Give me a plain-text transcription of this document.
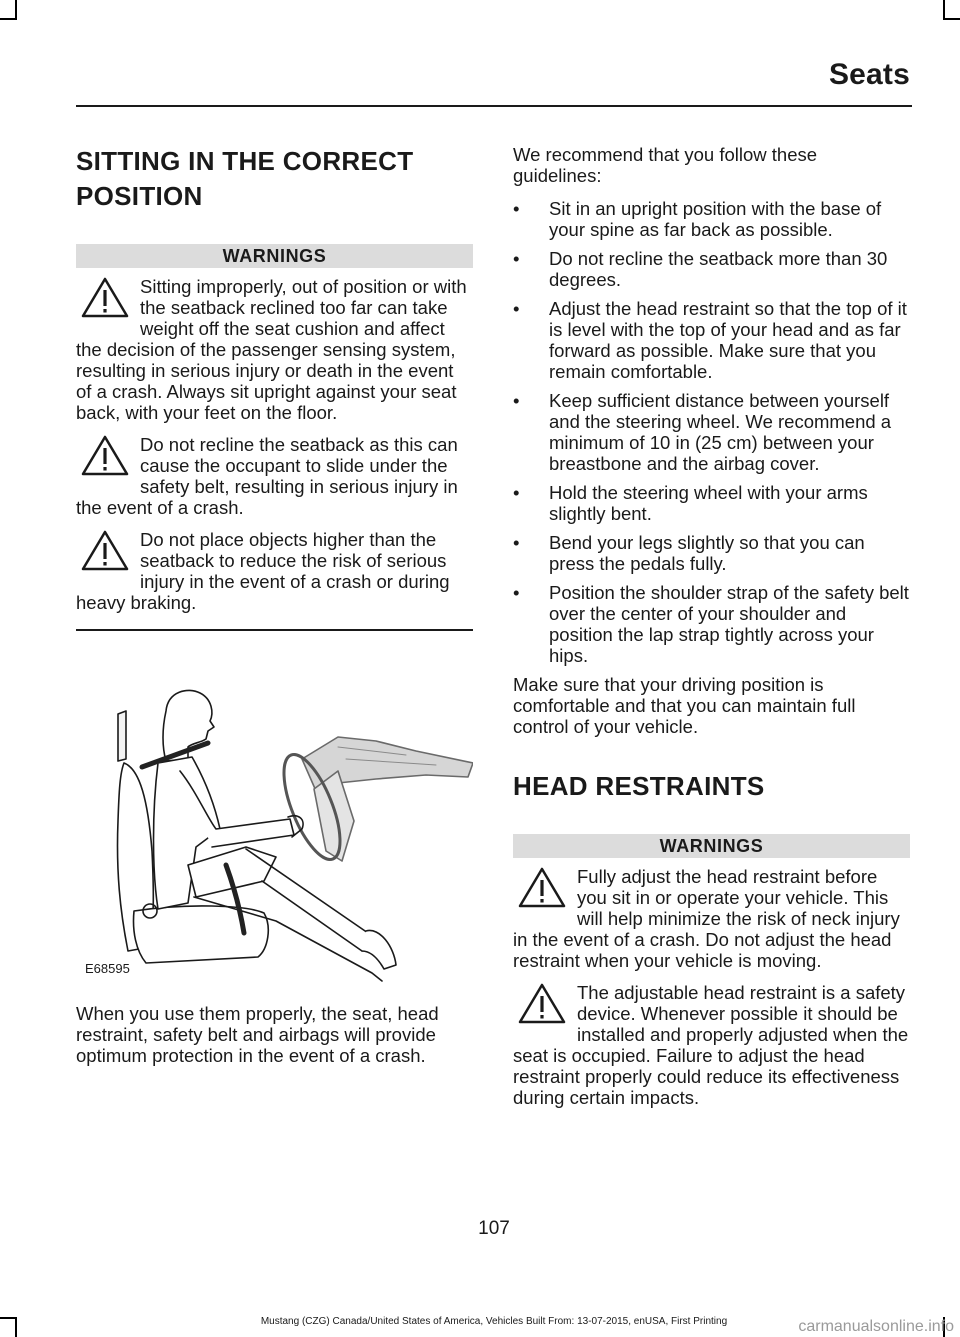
Seats
SITTING IN THE CORRECT
POSITION
WARNINGS
Sitting improperly, out of position or with the seatback reclined too far can take weight off the seat cushion and affect the decision of the passenger sensing system, resulting in serious injury or death in the event of a crash. Always sit upright against your seat back, with your feet on the floor.
Do not recline the seatback as this can cause the occupant to slide under the safety belt, resulting in serious injury in the event of a crash.
Do not place objects higher than the seatback to reduce the risk of serious injury in the event of a crash or during heavy braking.
E68595

When you use them properly, the seat, head restraint, safety belt and airbags will provide optimum protection in the event of a crash.

We recommend that you follow these guidelines:

•	Sit in an upright position with the base of your spine as far back as possible.
•	Do not recline the seatback more than 30 degrees.
•	Adjust the head restraint so that the top of it is level with the top of your head and as far forward as possible. Make sure that you remain comfortable.
•	Keep sufficient distance between yourself and the steering wheel. We recommend a minimum of 10 in (25 cm) between your breastbone and the airbag cover.
•	Hold the steering wheel with your arms slightly bent.
•	Bend your legs slightly so that you can press the pedals fully.
•	Position the shoulder strap of the safety belt over the center of your shoulder and position the lap strap tightly across your hips.

Make sure that your driving position is comfortable and that you can maintain full control of your vehicle.

HEAD RESTRAINTS
WARNINGS
Fully adjust the head restraint before you sit in or operate your vehicle. This will help minimize the risk of neck injury in the event of a crash. Do not adjust the head restraint when your vehicle is moving.
The adjustable head restraint is a safety device. Whenever possible it should be installed and properly adjusted when the seat is occupied. Failure to adjust the head restraint properly could reduce its effectiveness during certain impacts.
107
Mustang (CZG) Canada/United States of America, Vehicles Built From: 13-07-2015, enUSA, First Printing	carmanualsonline.info
